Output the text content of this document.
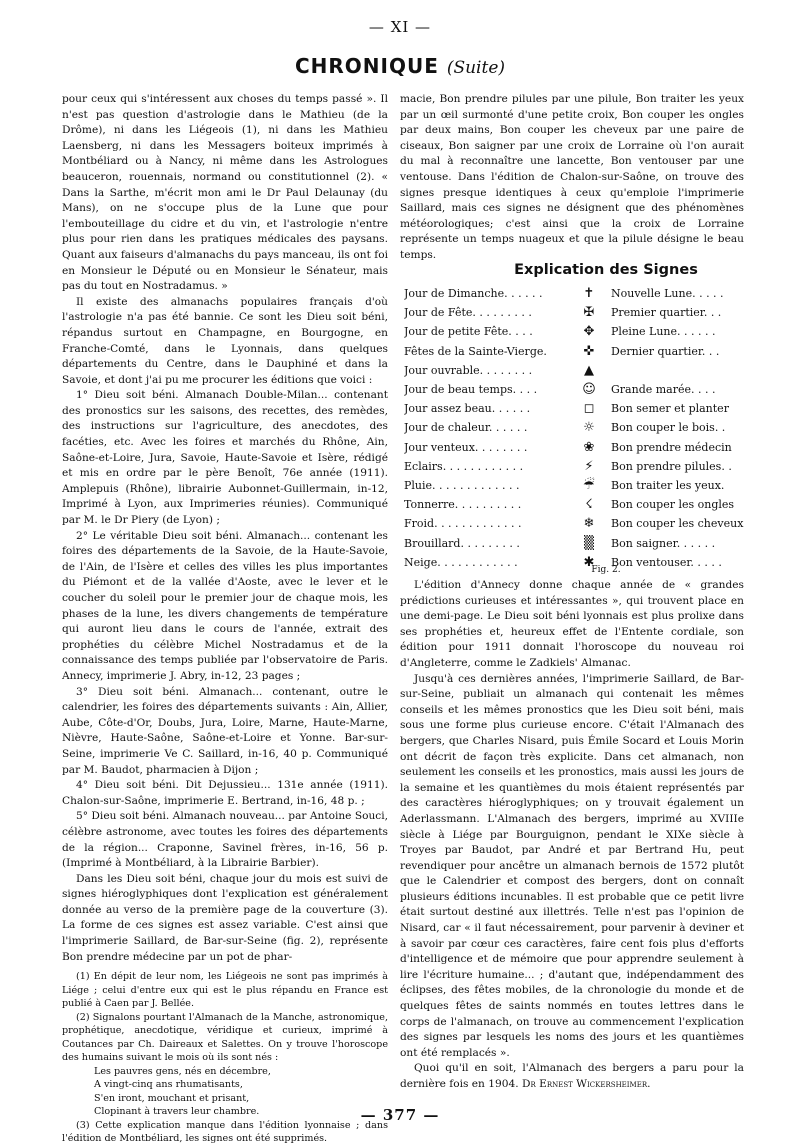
— XI —
CHRONIQUE (Suite)

pour ceux qui s'intéressent aux choses du temps passé ». Il n'est pas question d'astrologie dans le Mathieu (de la Drôme), ni dans les Liégeois (1), ni dans les Mathieu Laensberg, ni dans les Messagers boiteux imprimés à Montbéliard ou à Nancy, ni même dans les Astrologues beauceron, rouennais, normand ou constitutionnel (2). « Dans la Sarthe, m'écrit mon ami le Dr Paul Delaunay (du Mans), on ne s'occupe plus de la Lune que pour l'embouteillage du cidre et du vin, et l'astrologie n'entre plus pour rien dans les pratiques médicales des paysans. Quant aux faiseurs d'almanachs du pays manceau, ils ont foi en Monsieur le Député ou en Monsieur le Sénateur, mais pas du tout en Nostradamus. »

Il existe des almanachs populaires français d'où l'astrologie n'a pas été bannie. Ce sont les Dieu soit béni, répandus surtout en Champagne, en Bourgogne, en Franche-Comté, dans le Lyonnais, dans quelques départements du Centre, dans le Dauphiné et dans la Savoie, et dont j'ai pu me procurer les éditions que voici :

1° Dieu soit béni. Almanach Double-Milan... contenant des pronostics sur les saisons, des recettes, des remèdes, des instructions sur l'agriculture, des anecdotes, des facéties, etc. Avec les foires et marchés du Rhône, Ain, Saône-et-Loire, Jura, Savoie, Haute-Savoie et Isère, rédigé et mis en ordre par le père Benoît, 76e année (1911). Amplepuis (Rhône), librairie Aubonnet-Guillermain, in-12, Imprimé à Lyon, aux Imprimeries réunies). Communiqué par M. le Dr Piery (de Lyon) ;

2° Le véritable Dieu soit béni. Almanach... contenant les foires des départements de la Savoie, de la Haute-Savoie, de l'Ain, de l'Isère et celles des villes les plus importantes du Piémont et de la vallée d'Aoste, avec le lever et le coucher du soleil pour le premier jour de chaque mois, les phases de la lune, les divers changements de température qui auront lieu dans le cours de l'année, extrait des prophéties du célèbre Michel Nostradamus et de la connaissance des temps publiée par l'observatoire de Paris. Annecy, imprimerie J. Abry, in-12, 23 pages ;

3° Dieu soit béni. Almanach... contenant, outre le calendrier, les foires des départements suivants : Ain, Allier, Aube, Côte-d'Or, Doubs, Jura, Loire, Marne, Haute-Marne, Nièvre, Haute-Saône, Saône-et-Loire et Yonne. Bar-sur-Seine, imprimerie Ve C. Saillard, in-16, 40 p. Communiqué par M. Baudot, pharmacien à Dijon ;

4° Dieu soit béni. Dit Dejussieu... 131e année (1911). Chalon-sur-Saône, imprimerie E. Bertrand, in-16, 48 p. ;

5° Dieu soit béni. Almanach nouveau... par Antoine Souci, célèbre astronome, avec toutes les foires des départements de la région... Craponne, Savinel frères, in-16, 56 p. (Imprimé à Montbéliard, à la Librairie Barbier).

Dans les Dieu soit béni, chaque jour du mois est suivi de signes hiéroglyphiques dont l'explication est généralement donnée au verso de la première page de la couverture (3). La forme de ces signes est assez variable. C'est ainsi que l'imprimerie Saillard, de Bar-sur-Seine (fig. 2), représente Bon prendre médecine par un pot de phar-

(1) En dépit de leur nom, les Liégeois ne sont pas imprimés à Liége ; celui d'entre eux qui est le plus répandu en France est publié à Caen par J. Bellée.

(2) Signalons pourtant l'Almanach de la Manche, astronomique, prophétique, anecdotique, véridique et curieux, imprimé à Coutances par Ch. Daireaux et Salettes. On y trouve l'horoscope des humains suivant le mois où ils sont nés :

Les pauvres gens, nés en décembre,
A vingt-cinq ans rhumatisants,
S'en iront, mouchant et prisant,
Clopinant à travers leur chambre.

(3) Cette explication manque dans l'édition lyonnaise ; dans l'édition de Montbéliard, les signes ont été supprimés.

macie, Bon prendre pilules par une pilule, Bon traiter les yeux par un œil surmonté d'une petite croix, Bon couper les ongles par deux mains, Bon couper les cheveux par une paire de ciseaux, Bon saigner par une croix de Lorraine où l'on aurait du mal à reconnaître une lancette, Bon ventouser par une ventouse. Dans l'édition de Chalon-sur-Saône, on trouve des signes presque identiques à ceux qu'emploie l'imprimerie Saillard, mais ces signes ne désignent que des phénomènes météorologiques; c'est ainsi que la croix de Lorraine représente un temps nuageux et que la pilule désigne le beau temps.

Explication des Signes
Jour de Dimanche. . . . . .	✝	Nouvelle Lune. . . . .
Jour de Fête. . . . . . . . .	✠	Premier quartier. . .
Jour de petite Fête. . . .	✥	Pleine Lune. . . . . .
Fêtes de la Sainte-Vierge.	✜	Dernier quartier. . .
Jour ouvrable. . . . . . . .	▲
Jour de beau temps. . . .	☺	Grande marée. . . .
Jour assez beau. . . . . .	◻	Bon semer et planter
Jour de chaleur. . . . . .	☼	Bon couper le bois. .
Jour venteux. . . . . . . .	❀	Bon prendre médecin
Eclairs. . . . . . . . . . . .	⚡	Bon prendre pilules. .
Pluie. . . . . . . . . . . . .	☔	Bon traiter les yeux.
Tonnerre. . . . . . . . . .	☇	Bon couper les ongles
Froid. . . . . . . . . . . . .	❄	Bon couper les cheveux
Brouillard. . . . . . . . .	▒	Bon saigner. . . . . .
Neige. . . . . . . . . . . .	✱	Bon ventouser. . . . .
Fig. 2.

L'édition d'Annecy donne chaque année de « grandes prédictions curieuses et intéressantes », qui trouvent place en une demi-page. Le Dieu soit béni lyonnais est plus prolixe dans ses prophéties et, heureux effet de l'Entente cordiale, son édition pour 1911 donnait l'horoscope du nouveau roi d'Angleterre, comme le Zadkiels' Almanac.

Jusqu'à ces dernières années, l'imprimerie Saillard, de Bar-sur-Seine, publiait un almanach qui contenait les mêmes conseils et les mêmes pronostics que les Dieu soit béni, mais sous une forme plus curieuse encore. C'était l'Almanach des bergers, que Charles Nisard, puis Émile Socard et Louis Morin ont décrit de façon très explicite. Dans cet almanach, non seulement les conseils et les pronostics, mais aussi les jours de la semaine et les quantièmes du mois étaient représentés par des caractères hiéroglyphiques; on y trouvait également un Aderlassmann. L'Almanach des bergers, imprimé au XVIIIe siècle à Liége par Bourguignon, pendant le XIXe siècle à Troyes par Baudot, par André et par Bertrand Hu, peut revendiquer pour ancêtre un almanach bernois de 1572 plutôt que le Calendrier et compost des bergers, dont on connaît plusieurs éditions incunables. Il est probable que ce petit livre était surtout destiné aux illettrés. Telle n'est pas l'opinion de Nisard, car « il faut nécessairement, pour parvenir à deviner et à savoir par cœur ces caractères, faire cent fois plus d'efforts d'intelligence et de mémoire que pour apprendre seulement à lire l'écriture humaine... ; d'autant que, indépendamment des éclipses, des fêtes mobiles, de la chronologie du monde et de quelques fêtes de saints nommés en toutes lettres dans le corps de l'almanach, on trouve au commencement l'explication des signes par lesquels les noms des jours et les quantièmes ont été remplacés ».

Quoi qu'il en soit, l'Almanach des bergers a paru pour la dernière fois en 1904. Dr Ernest Wickersheimer.

— 377 —
